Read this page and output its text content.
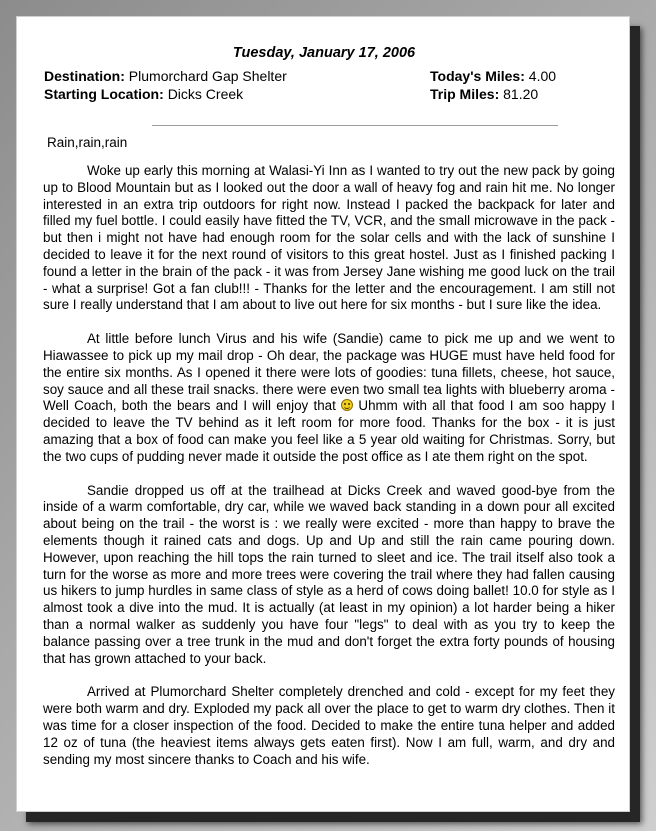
Tuesday, January 17, 2006
Destination: Plumorchard Gap Shelter	Today's Miles: 4.00
Starting Location: Dicks Creek	Trip Miles: 81.20
Rain,rain,rain

Woke up early this morning at Walasi-Yi Inn as I wanted to try out the new pack by going up to Blood Mountain but as I looked out the door a wall of heavy fog and rain hit me. No longer interested in an extra trip outdoors for right now. Instead I packed the backpack for later and filled my fuel bottle. I could easily have fitted the TV, VCR, and the small microwave in the pack - but then i might not have had enough room for the solar cells and with the lack of sunshine I decided to leave it for the next round of visitors to this great hostel. Just as I finished packing I found a letter in the brain of the pack - it was from Jersey Jane wishing me good luck on the trail - what a surprise! Got a fan club!!! - Thanks for the letter and the encouragement. I am still not sure I really understand that I am about to live out here for six months - but I sure like the idea.

At little before lunch Virus and his wife (Sandie) came to pick me up and we went to Hiawassee to pick up my mail drop - Oh dear, the package was HUGE must have held food for the entire six months. As I opened it there were lots of goodies: tuna fillets, cheese, hot sauce, soy sauce and all these trail snacks. there were even two small tea lights with blueberry aroma - Well Coach, both the bears and I will enjoy that  Uhmm with all that food I am soo happy I decided to leave the TV behind as it left room for more food. Thanks for the box - it is just amazing that a box of food can make you feel like a 5 year old waiting for Christmas. Sorry, but the two cups of pudding never made it outside the post office as I ate them right on the spot.

Sandie dropped us off at the trailhead at Dicks Creek and waved good-bye from the inside of a warm comfortable, dry car, while we waved back standing in a down pour all excited about being on the trail - the worst is : we really were excited - more than happy to brave the elements though it rained cats and dogs. Up and Up and still the rain came pouring down. However, upon reaching the hill tops the rain turned to sleet and ice. The trail itself also took a turn for the worse as more and more trees were covering the trail where they had fallen causing us hikers to jump hurdles in same class of style as a herd of cows doing ballet! 10.0 for style as I almost took a dive into the mud. It is actually (at least in my opinion) a lot harder being a hiker than a normal walker as suddenly you have four "legs" to deal with as you try to keep the balance passing over a tree trunk in the mud and don't forget the extra forty pounds of housing that has grown attached to your back.

Arrived at Plumorchard Shelter completely drenched and cold - except for my feet they were both warm and dry. Exploded my pack all over the place to get to warm dry clothes. Then it was time for a closer inspection of the food. Decided to make the entire tuna helper and added 12 oz of tuna (the heaviest items always gets eaten first). Now I am full, warm, and dry and sending my most sincere thanks to Coach and his wife.
